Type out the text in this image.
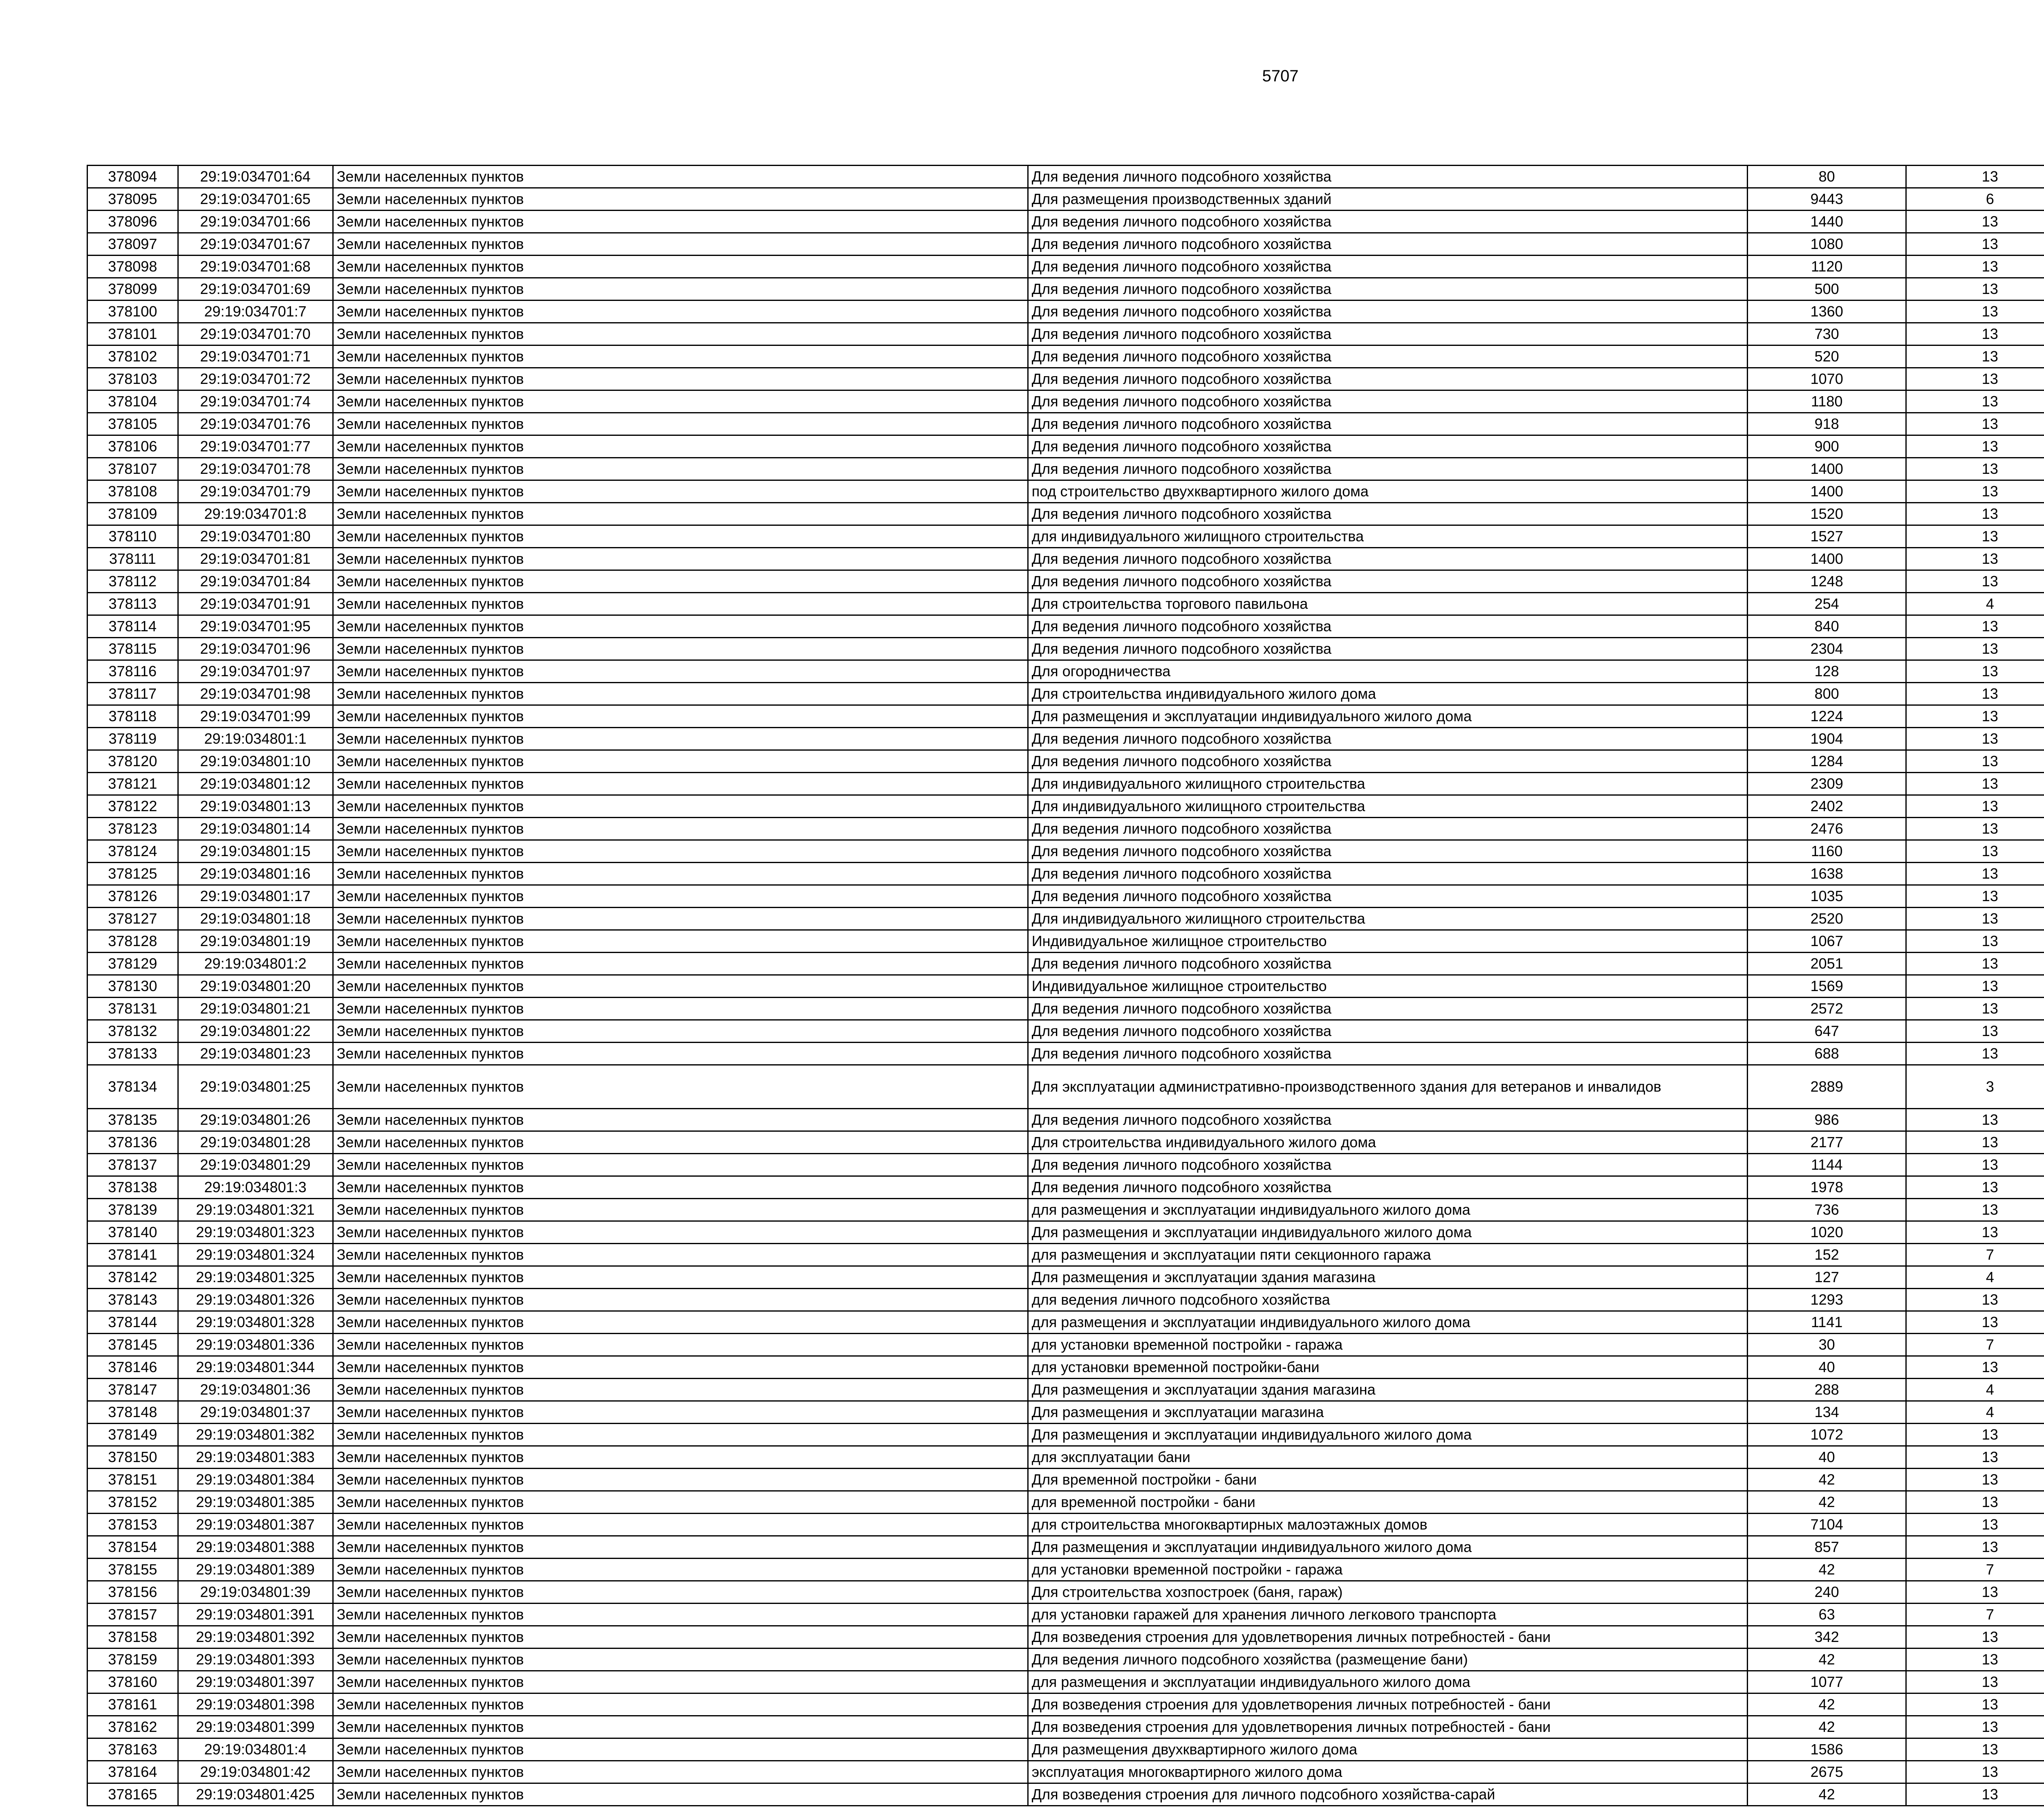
5707
378094	29:19:034701:64	Земли населенных пунктов	Для ведения личного подсобного хозяйства	80	13		
378095	29:19:034701:65	Земли населенных пунктов	Для размещения производственных зданий	9443	6		
378096	29:19:034701:66	Земли населенных пунктов	Для ведения личного подсобного хозяйства	1440	13		
378097	29:19:034701:67	Земли населенных пунктов	Для ведения личного подсобного хозяйства	1080	13		
378098	29:19:034701:68	Земли населенных пунктов	Для ведения личного подсобного хозяйства	1120	13		
378099	29:19:034701:69	Земли населенных пунктов	Для ведения личного подсобного хозяйства	500	13		
378100	29:19:034701:7	Земли населенных пунктов	Для ведения личного подсобного хозяйства	1360	13		
378101	29:19:034701:70	Земли населенных пунктов	Для ведения личного подсобного хозяйства	730	13		
378102	29:19:034701:71	Земли населенных пунктов	Для ведения личного подсобного хозяйства	520	13		
378103	29:19:034701:72	Земли населенных пунктов	Для ведения личного подсобного хозяйства	1070	13		
378104	29:19:034701:74	Земли населенных пунктов	Для ведения личного подсобного хозяйства	1180	13		
378105	29:19:034701:76	Земли населенных пунктов	Для ведения личного подсобного хозяйства	918	13		
378106	29:19:034701:77	Земли населенных пунктов	Для ведения личного подсобного хозяйства	900	13		
378107	29:19:034701:78	Земли населенных пунктов	Для ведения личного подсобного хозяйства	1400	13		
378108	29:19:034701:79	Земли населенных пунктов	под строительство двухквартирного жилого дома	1400	13		
378109	29:19:034701:8	Земли населенных пунктов	Для ведения личного подсобного хозяйства	1520	13		
378110	29:19:034701:80	Земли населенных пунктов	для индивидуального жилищного строительства	1527	13		
378111	29:19:034701:81	Земли населенных пунктов	Для ведения личного подсобного хозяйства	1400	13		
378112	29:19:034701:84	Земли населенных пунктов	Для ведения личного подсобного хозяйства	1248	13		
378113	29:19:034701:91	Земли населенных пунктов	Для строительства торгового павильона	254	4		
378114	29:19:034701:95	Земли населенных пунктов	Для ведения личного подсобного хозяйства	840	13		
378115	29:19:034701:96	Земли населенных пунктов	Для ведения личного подсобного хозяйства	2304	13		
378116	29:19:034701:97	Земли населенных пунктов	Для огородничества	128	13		
378117	29:19:034701:98	Земли населенных пунктов	Для строительства индивидуального жилого дома	800	13		
378118	29:19:034701:99	Земли населенных пунктов	Для размещения и эксплуатации индивидуального жилого дома	1224	13		
378119	29:19:034801:1	Земли населенных пунктов	Для ведения личного подсобного хозяйства	1904	13		
378120	29:19:034801:10	Земли населенных пунктов	Для ведения личного подсобного хозяйства	1284	13		
378121	29:19:034801:12	Земли населенных пунктов	Для индивидуального жилищного строительства	2309	13		
378122	29:19:034801:13	Земли населенных пунктов	Для индивидуального жилищного строительства	2402	13		
378123	29:19:034801:14	Земли населенных пунктов	Для ведения личного подсобного хозяйства	2476	13		
378124	29:19:034801:15	Земли населенных пунктов	Для ведения личного подсобного хозяйства	1160	13		
378125	29:19:034801:16	Земли населенных пунктов	Для ведения личного подсобного хозяйства	1638	13		
378126	29:19:034801:17	Земли населенных пунктов	Для ведения личного подсобного хозяйства	1035	13		
378127	29:19:034801:18	Земли населенных пунктов	Для индивидуального жилищного строительства	2520	13		
378128	29:19:034801:19	Земли населенных пунктов	Индивидуальное жилищное строительство	1067	13		
378129	29:19:034801:2	Земли населенных пунктов	Для ведения личного подсобного хозяйства	2051	13		
378130	29:19:034801:20	Земли населенных пунктов	Индивидуальное жилищное строительство	1569	13		
378131	29:19:034801:21	Земли населенных пунктов	Для ведения личного подсобного хозяйства	2572	13		
378132	29:19:034801:22	Земли населенных пунктов	Для ведения личного подсобного хозяйства	647	13		
378133	29:19:034801:23	Земли населенных пунктов	Для ведения личного подсобного хозяйства	688	13		
378134	29:19:034801:25	Земли населенных пунктов	Для эксплуатации административно-производственного здания для ветеранов и инвалидов	2889	3		
378135	29:19:034801:26	Земли населенных пунктов	Для ведения личного подсобного хозяйства	986	13		
378136	29:19:034801:28	Земли населенных пунктов	Для строительства индивидуального жилого дома	2177	13		
378137	29:19:034801:29	Земли населенных пунктов	Для ведения личного подсобного хозяйства	1144	13		
378138	29:19:034801:3	Земли населенных пунктов	Для ведения личного подсобного хозяйства	1978	13		
378139	29:19:034801:321	Земли населенных пунктов	для размещения и эксплуатации индивидуального жилого дома	736	13		
378140	29:19:034801:323	Земли населенных пунктов	Для размещения и эксплуатации индивидуального жилого дома	1020	13		
378141	29:19:034801:324	Земли населенных пунктов	для размещения и эксплуатации пяти секционного гаража	152	7		
378142	29:19:034801:325	Земли населенных пунктов	Для размещения и эксплуатации здания магазина	127	4		
378143	29:19:034801:326	Земли населенных пунктов	для ведения личного подсобного хозяйства	1293	13		
378144	29:19:034801:328	Земли населенных пунктов	для размещения и эксплуатации индивидуального жилого дома	1141	13		
378145	29:19:034801:336	Земли населенных пунктов	для установки временной постройки - гаража	30	7		
378146	29:19:034801:344	Земли населенных пунктов	для установки временной постройки-бани	40	13		
378147	29:19:034801:36	Земли населенных пунктов	Для размещения и эксплуатации здания магазина	288	4		
378148	29:19:034801:37	Земли населенных пунктов	Для размещения и эксплуатации магазина	134	4		
378149	29:19:034801:382	Земли населенных пунктов	Для размещения и эксплуатации индивидуального жилого дома	1072	13		
378150	29:19:034801:383	Земли населенных пунктов	для эксплуатации бани	40	13		
378151	29:19:034801:384	Земли населенных пунктов	Для временной постройки - бани	42	13		
378152	29:19:034801:385	Земли населенных пунктов	для временной постройки - бани	42	13		
378153	29:19:034801:387	Земли населенных пунктов	для строительства многоквартирных малоэтажных домов	7104	13		
378154	29:19:034801:388	Земли населенных пунктов	Для размещения и эксплуатации индивидуального жилого дома	857	13		
378155	29:19:034801:389	Земли населенных пунктов	для установки временной постройки - гаража	42	7		
378156	29:19:034801:39	Земли населенных пунктов	Для строительства хозпостроек (баня, гараж)	240	13		
378157	29:19:034801:391	Земли населенных пунктов	для установки гаражей для хранения личного легкового транспорта	63	7		
378158	29:19:034801:392	Земли населенных пунктов	Для возведения строения для удовлетворения личных потребностей - бани	342	13		
378159	29:19:034801:393	Земли населенных пунктов	Для ведения личного подсобного хозяйства (размещение бани)	42	13		
378160	29:19:034801:397	Земли населенных пунктов	для размещения и эксплуатации индивидуального жилого дома	1077	13		
378161	29:19:034801:398	Земли населенных пунктов	Для возведения строения для удовлетворения личных потребностей - бани	42	13		
378162	29:19:034801:399	Земли населенных пунктов	Для возведения строения для удовлетворения личных потребностей - бани	42	13		
378163	29:19:034801:4	Земли населенных пунктов	Для размещения двухквартирного жилого дома	1586	13		
378164	29:19:034801:42	Земли населенных пунктов	эксплуатация многоквартирного жилого дома	2675	13		
378165	29:19:034801:425	Земли населенных пунктов	Для возведения строения для личного подсобного хозяйства-сарай	42	13		
